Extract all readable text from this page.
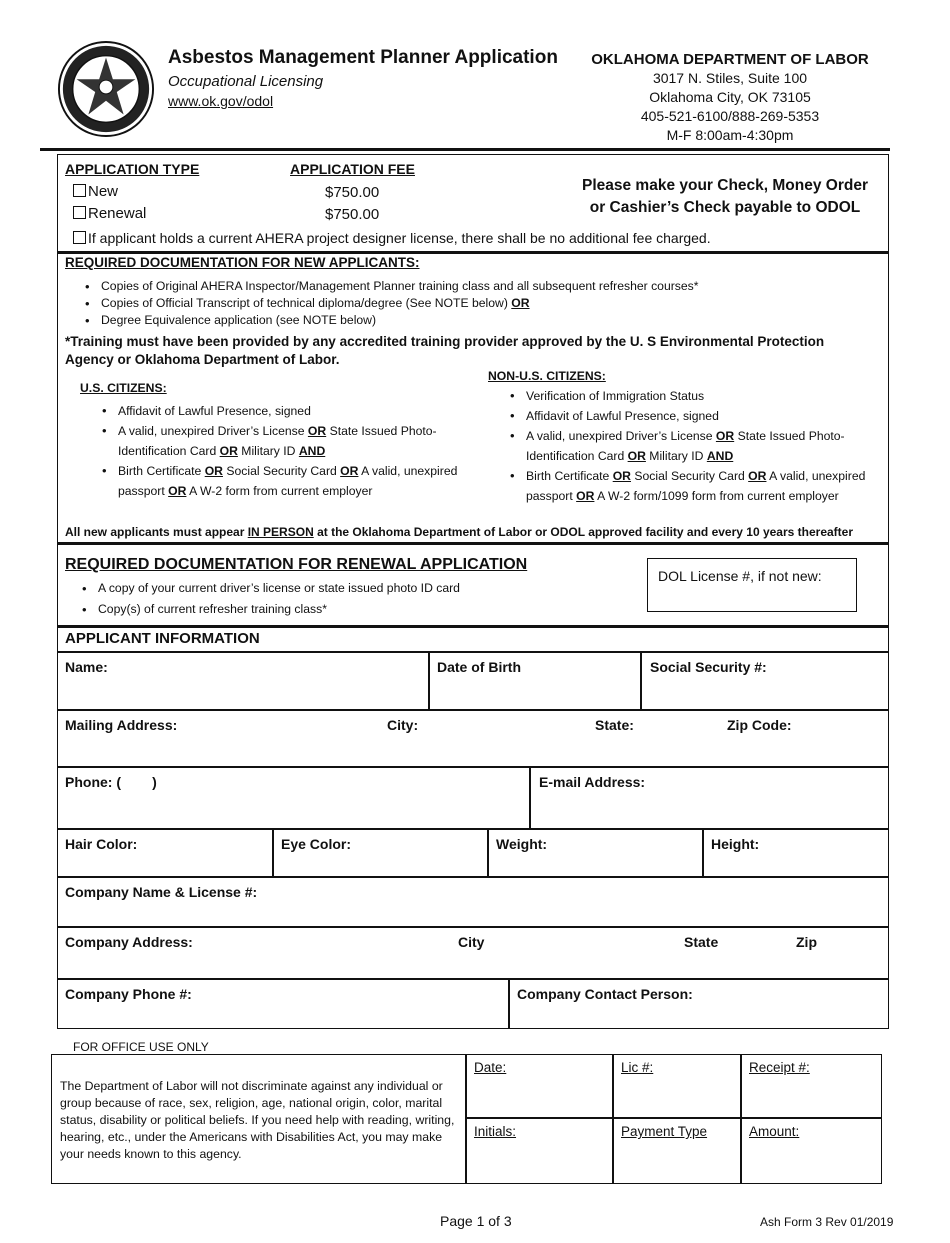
Asbestos Management Planner Application
Occupational Licensing
www.ok.gov/odol
OKLAHOMA DEPARTMENT OF LABOR
3017 N. Stiles, Suite 100
Oklahoma City, OK 73105
405-521-6100/888-269-5353
M-F 8:00am-4:30pm
APPLICATION TYPE	APPLICATION FEE
New	$750.00
Renewal	$750.00
Please make your Check, Money Order
or Cashier’s Check payable to ODOL
If applicant holds a current AHERA project designer license, there shall be no additional fee charged.
REQUIRED DOCUMENTATION FOR NEW APPLICANTS:
• Copies of Original AHERA Inspector/Management Planner training class and all subsequent refresher courses*
• Copies of Official Transcript of technical diploma/degree (See NOTE below) OR
• Degree Equivalence application (see NOTE below)
*Training must have been provided by any accredited training provider approved by the U. S Environmental Protection Agency or Oklahoma Department of Labor.
U.S. CITIZENS:
• Affidavit of Lawful Presence, signed
• A valid, unexpired Driver’s License OR State Issued Photo-Identification Card OR Military ID AND
• Birth Certificate OR Social Security Card OR A valid, unexpired passport OR A W-2 form from current employer
NON-U.S. CITIZENS:
• Verification of Immigration Status
• Affidavit of Lawful Presence, signed
• A valid, unexpired Driver’s License OR State Issued Photo-Identification Card OR Military ID AND
• Birth Certificate OR Social Security Card OR A valid, unexpired passport OR A W-2 form/1099 form from current employer
All new applicants must appear IN PERSON at the Oklahoma Department of Labor or ODOL approved facility and every 10 years thereafter
REQUIRED DOCUMENTATION FOR RENEWAL APPLICATION
• A copy of your current driver’s license or state issued photo ID card
• Copy(s) of current refresher training class*
DOL License #, if not new:
APPLICANT INFORMATION
Name:	Date of Birth	Social Security #:
Mailing Address:	City:	State:	Zip Code:
Phone: (        )	E-mail Address:
Hair Color:	Eye Color:	Weight:	Height:
Company Name & License #:
Company Address:	City	State	Zip
Company Phone #:	Company Contact Person:
FOR OFFICE USE ONLY
The Department of Labor will not discriminate against any individual or group because of race, sex, religion, age, national origin, color, marital status, disability or political beliefs. If you need help with reading, writing, hearing, etc., under the Americans with Disabilities Act, you may make your needs known to this agency.
Date:	Lic #:	Receipt #:
Initials:	Payment Type	Amount:
Page 1 of 3	Ash Form 3 Rev 01/2019
